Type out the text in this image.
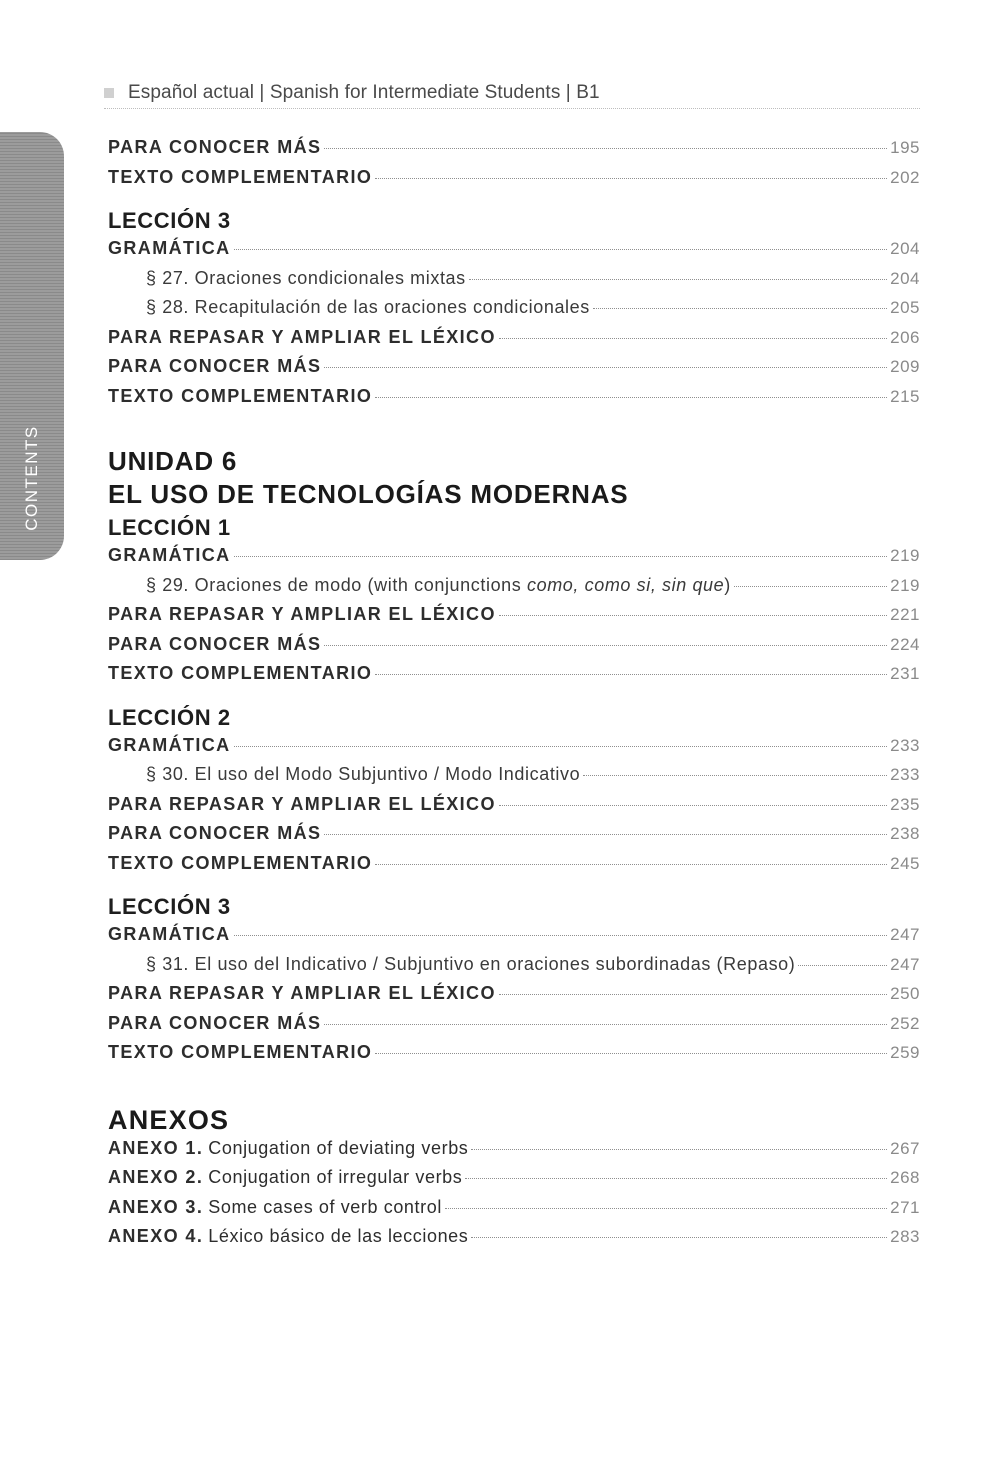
Español actual | Spanish for Intermediate Students | B1
CONTENTS
PARA CONOCER MÁS	195
TEXTO COMPLEMENTARIO	202
LECCIÓN 3
GRAMÁTICA	204
§ 27. Oraciones condicionales mixtas	204
§ 28. Recapitulación de las oraciones condicionales	205
PARA REPASAR Y AMPLIAR EL LÉXICO	206
PARA CONOCER MÁS	209
TEXTO COMPLEMENTARIO	215
UNIDAD 6
EL USO DE TECNOLOGÍAS MODERNAS
LECCIÓN 1
GRAMÁTICA	219
§ 29. Oraciones de modo (with conjunctions como, como si, sin que)	219
PARA REPASAR Y AMPLIAR EL LÉXICO	221
PARA CONOCER MÁS	224
TEXTO COMPLEMENTARIO	231
LECCIÓN 2
GRAMÁTICA	233
§ 30. El uso del Modo Subjuntivo / Modo Indicativo	233
PARA REPASAR Y AMPLIAR EL LÉXICO	235
PARA CONOCER MÁS	238
TEXTO COMPLEMENTARIO	245
LECCIÓN 3
GRAMÁTICA	247
§ 31. El uso del Indicativo / Subjuntivo en oraciones subordinadas (Repaso)	247
PARA REPASAR Y AMPLIAR EL LÉXICO	250
PARA CONOCER MÁS	252
TEXTO COMPLEMENTARIO	259
ANEXOS
ANEXO 1. Conjugation of deviating verbs	267
ANEXO 2. Conjugation of irregular verbs	268
ANEXO 3. Some cases of verb control	271
ANEXO 4. Léxico básico de las lecciones	283
